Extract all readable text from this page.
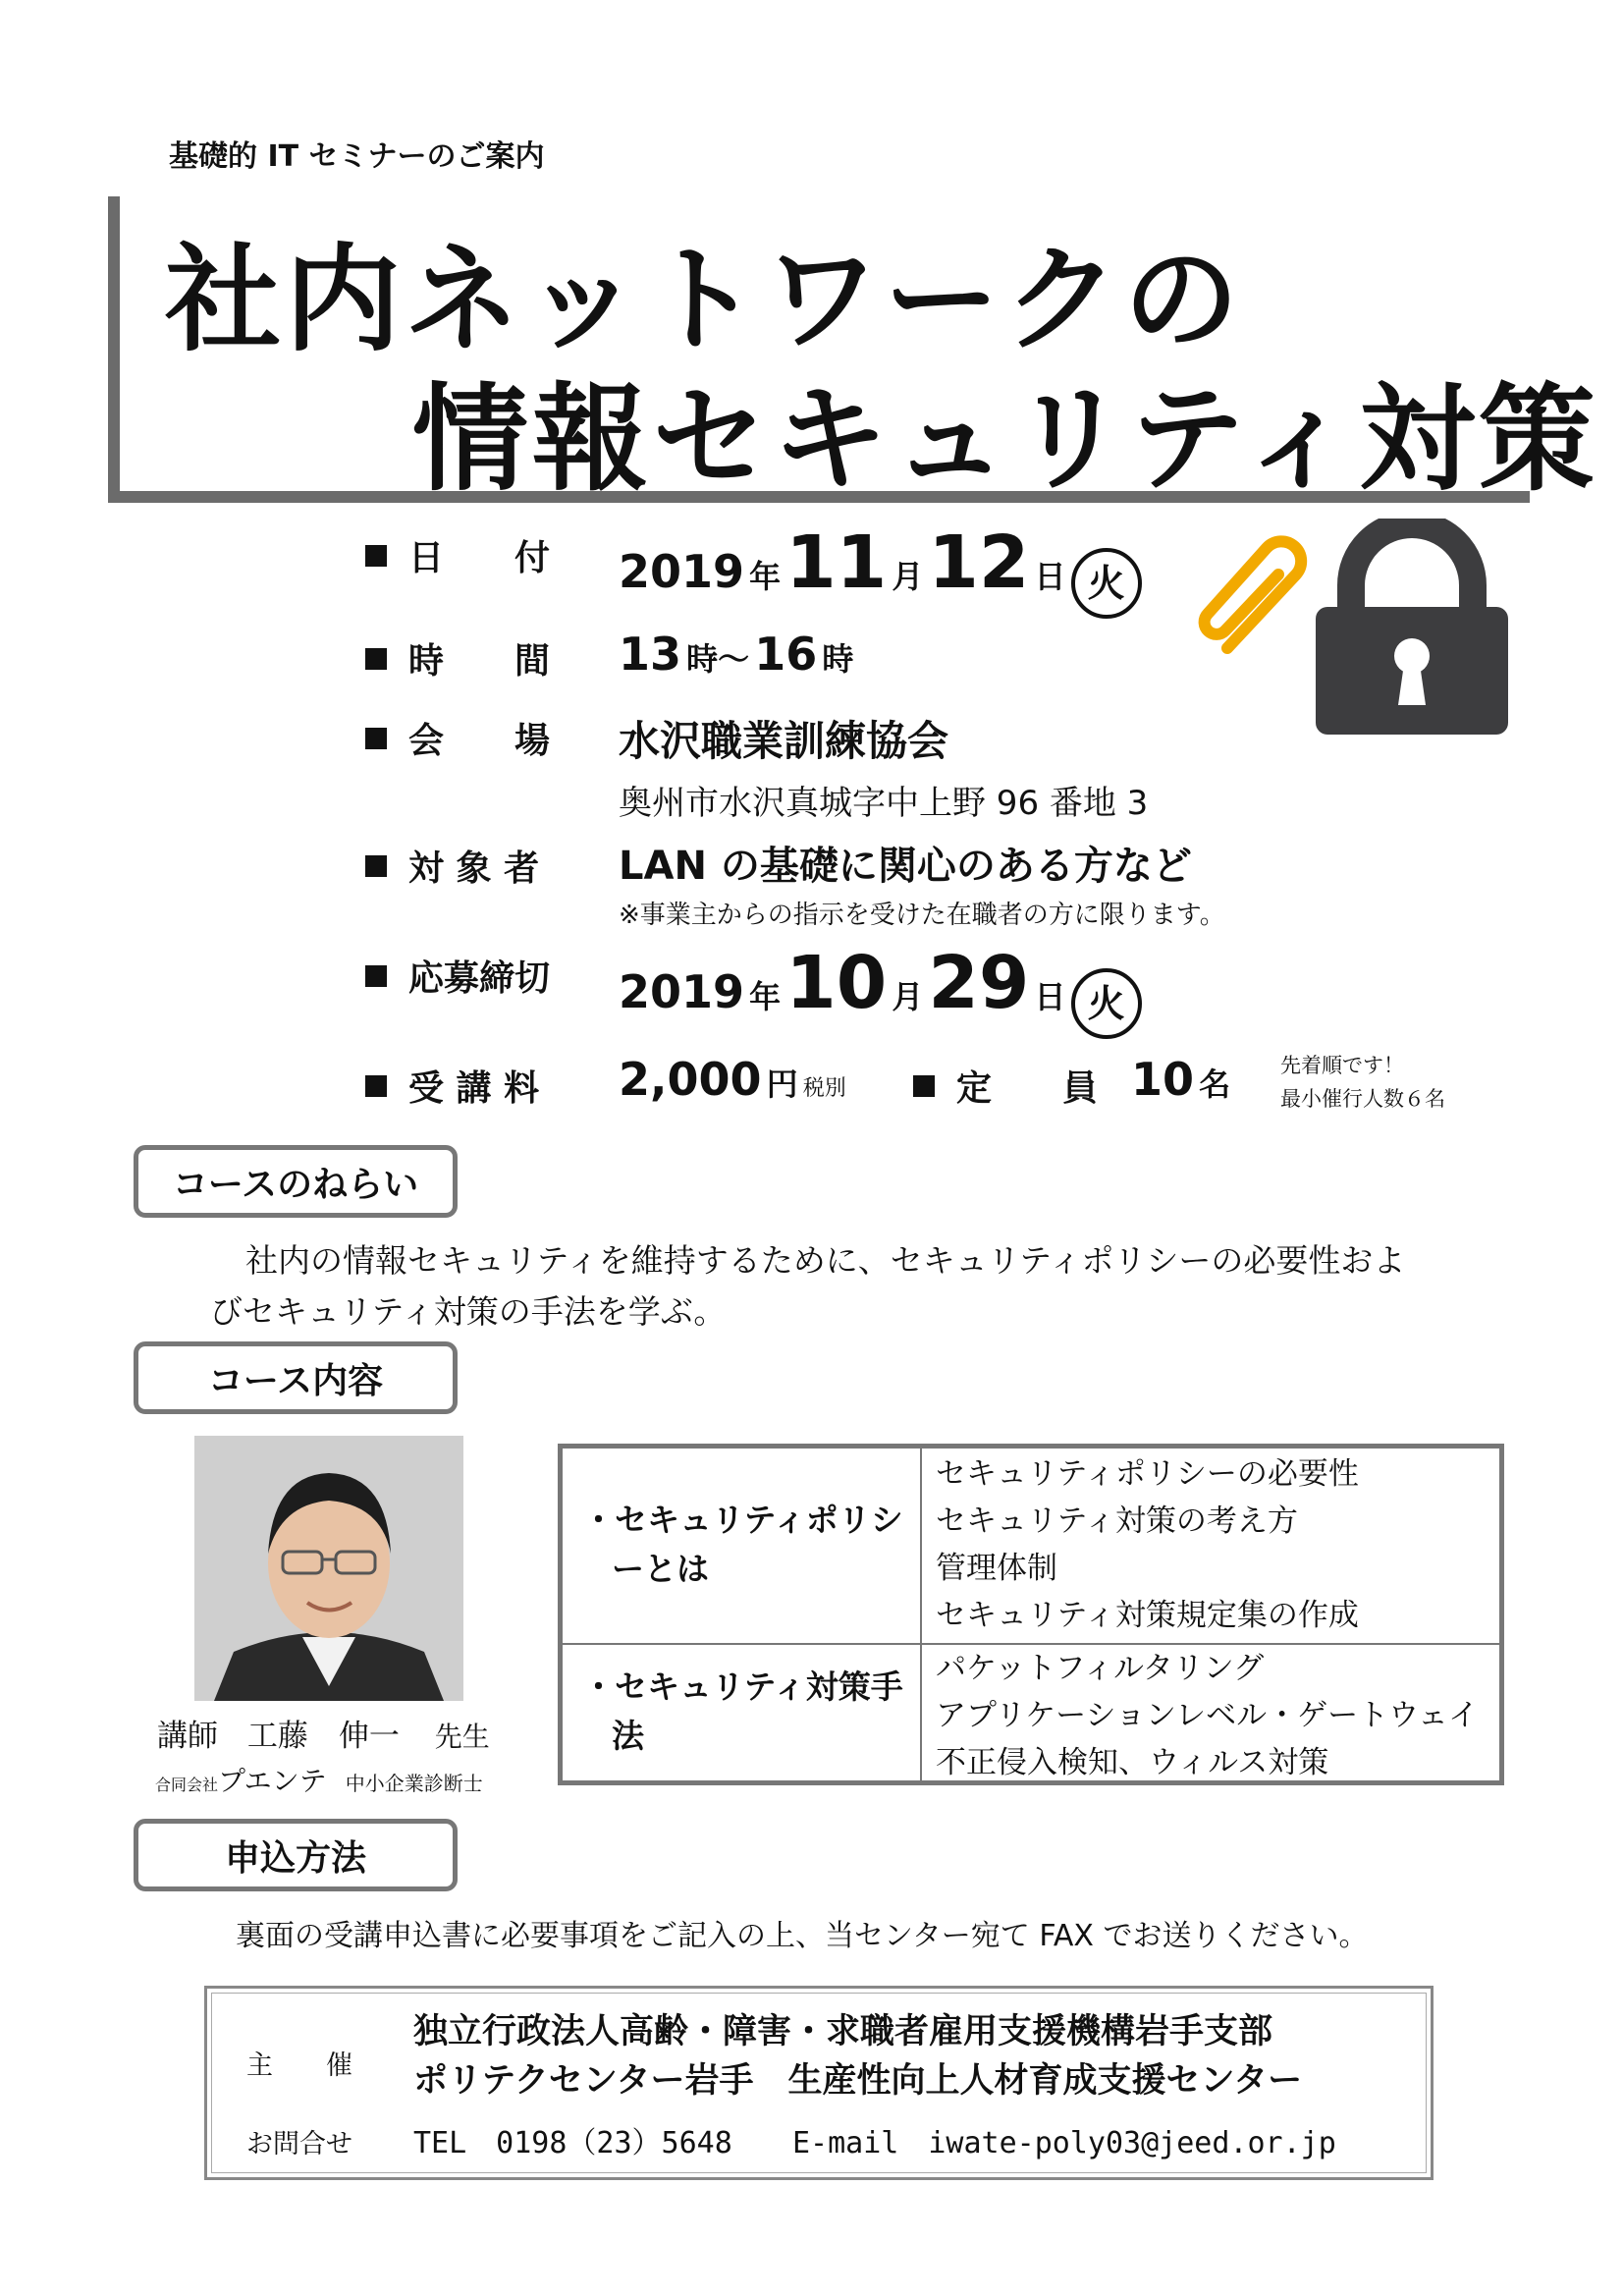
基礎的 IT セミナーのご案内
社内ネットワークの
情報セキュリティ対策
日　　付 2019 年 11 月 12 日 火
時　　間 13 時〜 16 時
会　　場 水沢職業訓練協会
奥州市水沢真城字中上野 96 番地 3
対 象 者 LAN の基礎に関心のある方など
※事業主からの指示を受けた在職者の方に限ります。
応募締切 2019 年 10 月 29 日 火
受 講 料 2,000 円 税別	定　　員 10 名 先着順です！
最小催行人数６名
コースのねらい
社内の情報セキュリティを維持するために、セキュリティポリシーの必要性およ
びセキュリティ対策の手法を学ぶ。
コース内容
講師 工藤　伸一 先生
合同会社プエンテ 中小企業診断士
・セキュリティポリシ
ーとは
セキュリティポリシーの必要性
セキュリティ対策の考え方
管理体制
セキュリティ対策規定集の作成
・セキュリティ対策手
法
パケットフィルタリング
アプリケーションレベル・ゲートウェイ
不正侵入検知、ウィルス対策
申込方法
裏面の受講申込書に必要事項をご記入の上、当センター宛て FAX でお送りください。
主　　催
独立行政法人高齢・障害・求職者雇用支援機構岩手支部
ポリテクセンター岩手　生産性向上人材育成支援センター
お問合せ TEL　0198（23）5648 E-mail　iwate-poly03@jeed.or.jp
